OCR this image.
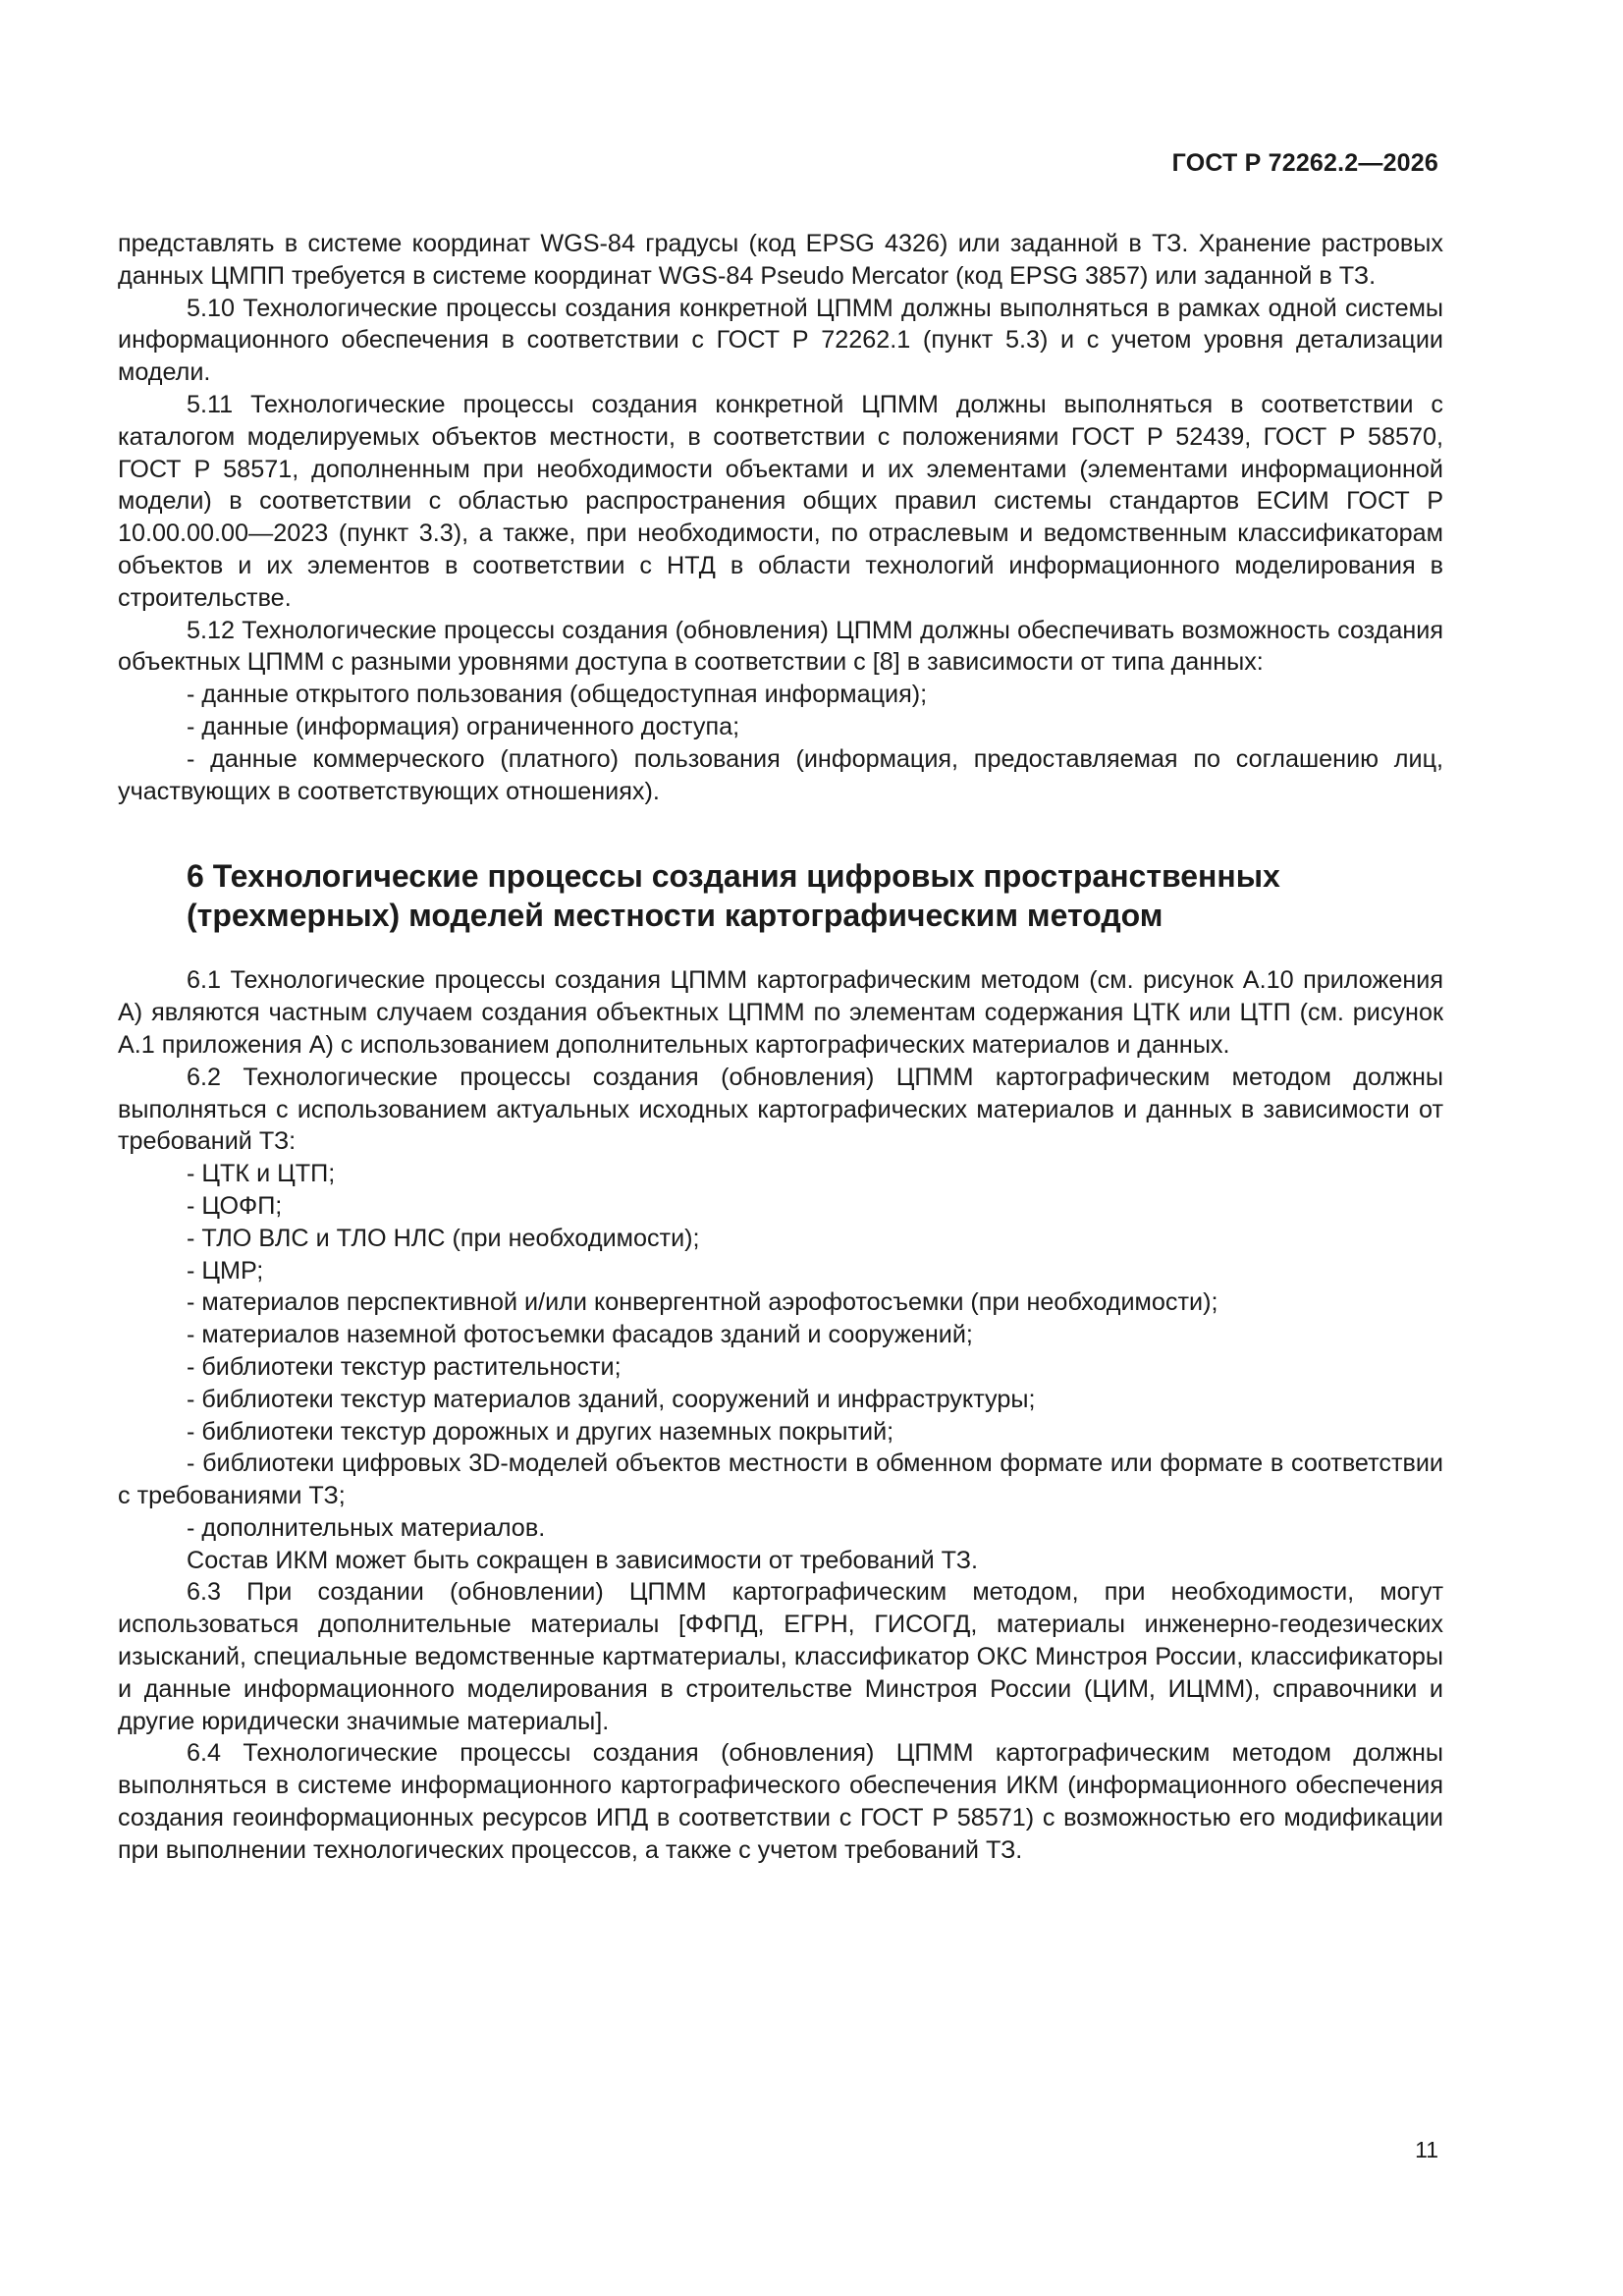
ГОСТ Р 72262.2—2026

представлять в системе координат WGS-84 градусы (код EPSG 4326) или заданной в ТЗ. Хранение растровых данных ЦМПП требуется в системе координат WGS-84 Pseudo Mercator (код EPSG 3857) или заданной в ТЗ.

5.10 Технологические процессы создания конкретной ЦПММ должны выполняться в рамках одной системы информационного обеспечения в соответствии с ГОСТ Р 72262.1 (пункт 5.3) и с учетом уровня детализации модели.

5.11 Технологические процессы создания конкретной ЦПММ должны выполняться в соответствии с каталогом моделируемых объектов местности, в соответствии с положениями ГОСТ Р 52439, ГОСТ Р 58570, ГОСТ Р 58571, дополненным при необходимости объектами и их элементами (элементами информационной модели) в соответствии с областью распространения общих правил системы стандартов ЕСИМ ГОСТ Р 10.00.00.00—2023 (пункт 3.3), а также, при необходимости, по отраслевым и ведомственным классификаторам объектов и их элементов в соответствии с НТД в области технологий информационного моделирования в строительстве.

5.12 Технологические процессы создания (обновления) ЦПММ должны обеспечивать возможность создания объектных ЦПММ с разными уровнями доступа в соответствии с [8] в зависимости от типа данных:

- данные открытого пользования (общедоступная информация);

- данные (информация) ограниченного доступа;

- данные коммерческого (платного) пользования (информация, предоставляемая по соглашению лиц, участвующих в соответствующих отношениях).

6 Технологические процессы создания цифровых пространственных (трехмерных) моделей местности картографическим методом

6.1 Технологические процессы создания ЦПММ картографическим методом (см. рисунок А.10 приложения А) являются частным случаем создания объектных ЦПММ по элементам содержания ЦТК или ЦТП (см. рисунок А.1 приложения А) с использованием дополнительных картографических материалов и данных.

6.2 Технологические процессы создания (обновления) ЦПММ картографическим методом должны выполняться с использованием актуальных исходных картографических материалов и данных в зависимости от требований ТЗ:

- ЦТК и ЦТП;

- ЦОФП;

- ТЛО ВЛС и ТЛО НЛС (при необходимости);

- ЦМР;

- материалов перспективной и/или конвергентной аэрофотосъемки (при необходимости);

- материалов наземной фотосъемки фасадов зданий и сооружений;

- библиотеки текстур растительности;

- библиотеки текстур материалов зданий, сооружений и инфраструктуры;

- библиотеки текстур дорожных и других наземных покрытий;

- библиотеки цифровых 3D-моделей объектов местности в обменном формате или формате в соответствии с требованиями ТЗ;

- дополнительных материалов.

Состав ИКМ может быть сокращен в зависимости от требований ТЗ.

6.3 При создании (обновлении) ЦПММ картографическим методом, при необходимости, могут использоваться дополнительные материалы [ФФПД, ЕГРН, ГИСОГД, материалы инженерно-геодезических изысканий, специальные ведомственные картматериалы, классификатор ОКС Минстроя России, классификаторы и данные информационного моделирования в строительстве Минстроя России (ЦИМ, ИЦММ), справочники и другие юридически значимые материалы].

6.4 Технологические процессы создания (обновления) ЦПММ картографическим методом должны выполняться в системе информационного картографического обеспечения ИКМ (информационного обеспечения создания геоинформационных ресурсов ИПД в соответствии с ГОСТ Р 58571) с возможностью его модификации при выполнении технологических процессов, а также с учетом требований ТЗ.

11
